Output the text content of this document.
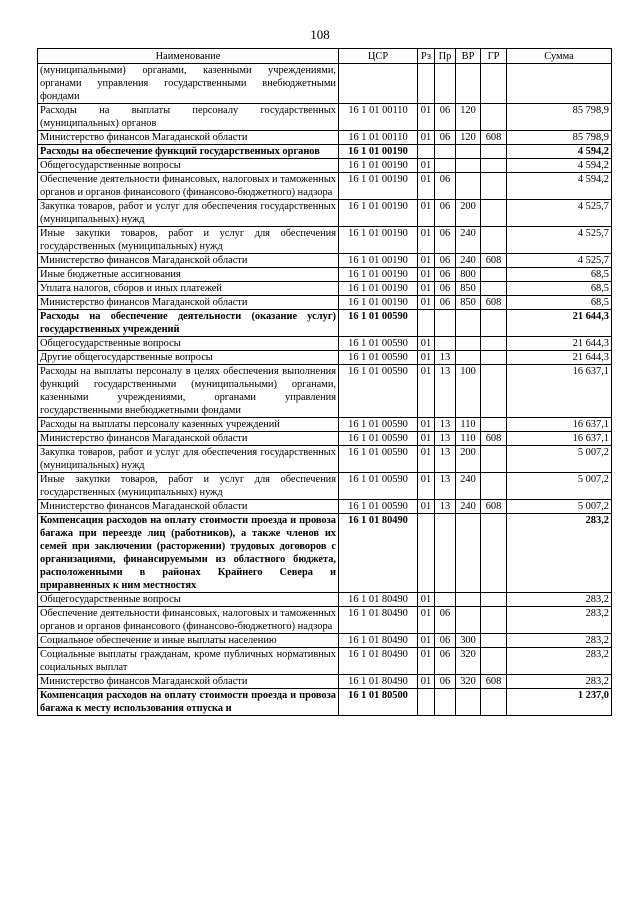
108
Наименование	ЦСР	Рз	Пр	ВР	ГР	Сумма
(муниципальными) органами, казенными учреждениями, органами управления государственными внебюджетными фондами						
Расходы на выплаты персоналу государственных (муниципальных) органов	16 1 01 00110	01	06	120		85 798,9
Министерство финансов Магаданской области	16 1 01 00110	01	06	120	608	85 798,9
Расходы на обеспечение функций государственных органов	16 1 01 00190					4 594,2
Общегосударственные вопросы	16 1 01 00190	01				4 594,2
Обеспечение деятельности финансовых, налоговых и таможенных органов и органов финансового (финансово-бюджетного) надзора	16 1 01 00190	01	06			4 594,2
Закупка товаров, работ и услуг для обеспечения государственных (муниципальных) нужд	16 1 01 00190	01	06	200		4 525,7
Иные закупки товаров, работ и услуг для обеспечения государственных (муниципальных) нужд	16 1 01 00190	01	06	240		4 525,7
Министерство финансов Магаданской области	16 1 01 00190	01	06	240	608	4 525,7
Иные бюджетные ассигнования	16 1 01 00190	01	06	800		68,5
Уплата налогов, сборов и иных платежей	16 1 01 00190	01	06	850		68,5
Министерство финансов Магаданской области	16 1 01 00190	01	06	850	608	68,5
Расходы на обеспечение деятельности (оказание услуг) государственных учреждений	16 1 01 00590					21 644,3
Общегосударственные вопросы	16 1 01 00590	01				21 644,3
Другие общегосударственные вопросы	16 1 01 00590	01	13			21 644,3
Расходы на выплаты персоналу в целях обеспечения выполнения функций государственными (муниципальными) органами, казенными учреждениями, органами управления государственными внебюджетными фондами	16 1 01 00590	01	13	100		16 637,1
Расходы на выплаты персоналу казенных учреждений	16 1 01 00590	01	13	110		16 637,1
Министерство финансов Магаданской области	16 1 01 00590	01	13	110	608	16 637,1
Закупка товаров, работ и услуг для обеспечения государственных (муниципальных) нужд	16 1 01 00590	01	13	200		5 007,2
Иные закупки товаров, работ и услуг для обеспечения государственных (муниципальных) нужд	16 1 01 00590	01	13	240		5 007,2
Министерство финансов Магаданской области	16 1 01 00590	01	13	240	608	5 007,2
Компенсация расходов на оплату стоимости проезда и провоза багажа при переезде лиц (работников), а также членов их семей при заключении (расторжении) трудовых договоров с организациями, финансируемыми из областного бюджета, расположенными в районах Крайнего Севера и приравненных к ним местностях	16 1 01 80490					283,2
Общегосударственные вопросы	16 1 01 80490	01				283,2
Обеспечение деятельности финансовых, налоговых и таможенных органов и органов финансового (финансово-бюджетного) надзора	16 1 01 80490	01	06			283,2
Социальное обеспечение и иные выплаты населению	16 1 01 80490	01	06	300		283,2
Социальные выплаты гражданам, кроме публичных нормативных социальных выплат	16 1 01 80490	01	06	320		283,2
Министерство финансов Магаданской области	16 1 01 80490	01	06	320	608	283,2
Компенсация расходов на оплату стоимости проезда и провоза багажа к месту использования отпуска и	16 1 01 80500					1 237,0
